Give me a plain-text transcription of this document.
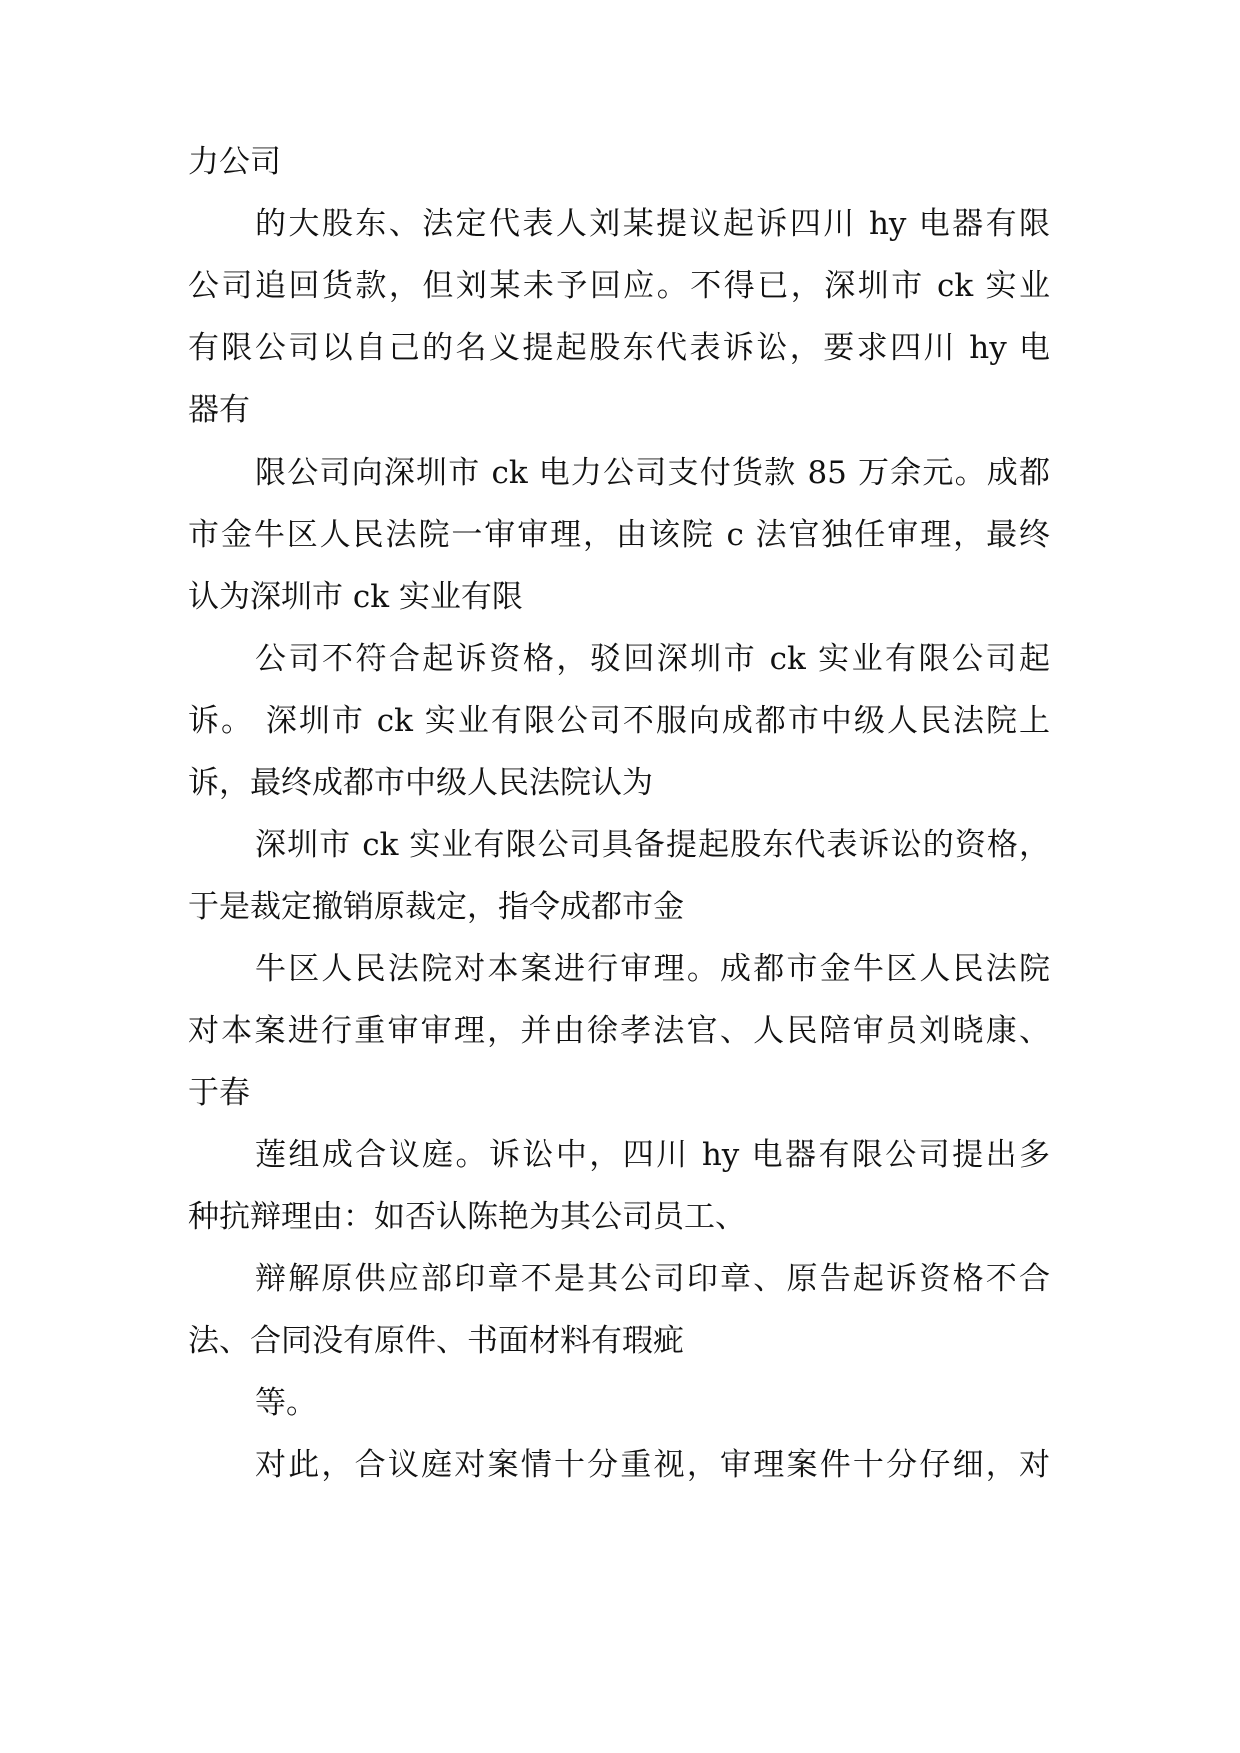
力公司
的大股东、法定代表人刘某提议起诉四川 hy 电器有限
公司追回货款，但刘某未予回应。不得已，深圳市 ck 实业
有限公司以自己的名义提起股东代表诉讼，要求四川 hy 电
器有
限公司向深圳市 ck 电力公司支付货款 85 万余元。成都
市金牛区人民法院一审审理，由该院 c 法官独任审理，最终
认为深圳市 ck 实业有限
公司不符合起诉资格，驳回深圳市 ck 实业有限公司起
诉。 深圳市 ck 实业有限公司不服向成都市中级人民法院上
诉，最终成都市中级人民法院认为
深圳市 ck 实业有限公司具备提起股东代表诉讼的资格，
于是裁定撤销原裁定，指令成都市金
牛区人民法院对本案进行审理。成都市金牛区人民法院
对本案进行重审审理，并由徐孝法官、人民陪审员刘晓康、
于春
莲组成合议庭。诉讼中，四川 hy 电器有限公司提出多
种抗辩理由：如否认陈艳为其公司员工、
辩解原供应部印章不是其公司印章、原告起诉资格不合
法、合同没有原件、书面材料有瑕疵
等。
对此，合议庭对案情十分重视，审理案件十分仔细，对
